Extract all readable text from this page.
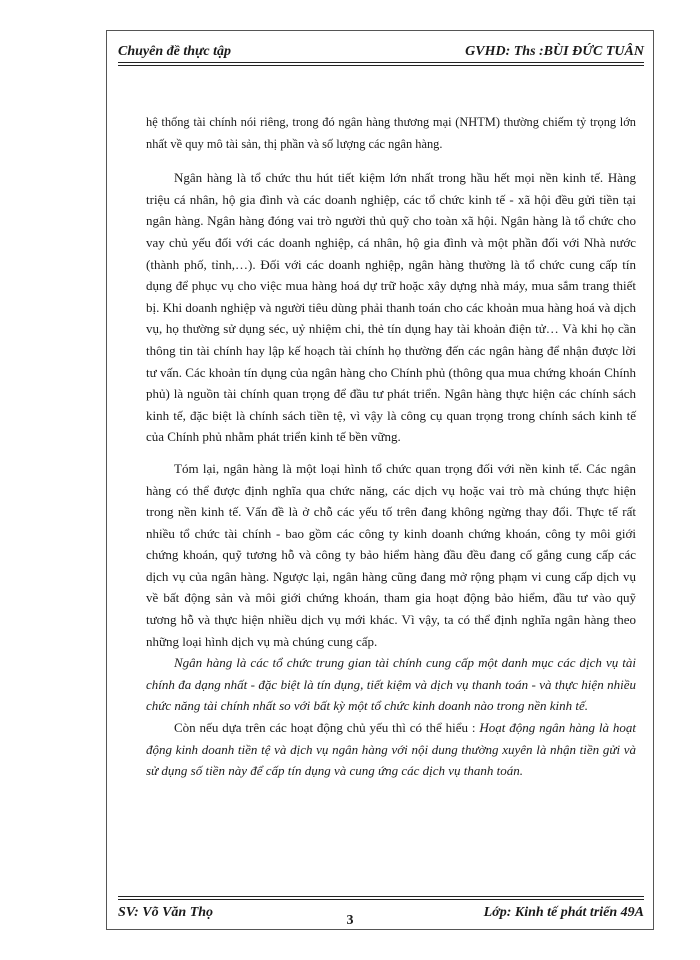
Chuyên đề thực tập	GVHD: Ths :BÙI ĐỨC TUÂN

hệ thống tài chính nói riêng, trong đó ngân hàng thương mại (NHTM) thường chiếm tỷ trọng lớn nhất về quy mô tài sản, thị phần và số lượng các ngân hàng.

Ngân hàng là tổ chức thu hút tiết kiệm lớn nhất trong hầu hết mọi nền kinh tế. Hàng triệu cá nhân, hộ gia đình và các doanh nghiệp, các tổ chức kinh tế - xã hội đều gửi tiền tại ngân hàng. Ngân hàng đóng vai trò người thủ quỹ cho toàn xã hội. Ngân hàng là tổ chức cho vay chủ yếu đối với các doanh nghiệp, cá nhân, hộ gia đình và một phần đối với Nhà nước (thành phố, tỉnh,…). Đối với các doanh nghiệp, ngân hàng thường là tổ chức cung cấp tín dụng để phục vụ cho việc mua hàng hoá dự trữ hoặc xây dựng nhà máy, mua sắm trang thiết bị. Khi doanh nghiệp và người tiêu dùng phải thanh toán cho các khoản mua hàng hoá và dịch vụ, họ thường sử dụng séc, uỷ nhiệm chi, thẻ tín dụng hay tài khoản điện tử… Và khi họ cần thông tin tài chính hay lập kế hoạch tài chính họ thường đến các ngân hàng để nhận được lời tư vấn. Các khoản tín dụng của ngân hàng cho Chính phủ (thông qua mua chứng khoán Chính phủ) là nguồn tài chính quan trọng để đầu tư phát triển. Ngân hàng thực hiện các chính sách kinh tế, đặc biệt là chính sách tiền tệ, vì vậy là công cụ quan trọng trong chính sách kinh tế của Chính phủ nhằm phát triển kinh tế bền vững.

Tóm lại, ngân hàng là một loại hình tổ chức quan trọng đối với nền kinh tế. Các ngân hàng có thể được định nghĩa qua chức năng, các dịch vụ hoặc vai trò mà chúng thực hiện trong nền kinh tế. Vấn đề là ở chỗ các yếu tố trên đang không ngừng thay đổi. Thực tế rất nhiều tổ chức tài chính - bao gồm các công ty kinh doanh chứng khoán, công ty môi giới chứng khoán, quỹ tương hỗ và công ty bảo hiểm hàng đầu đều đang cố gắng cung cấp các dịch vụ của ngân hàng. Ngược lại, ngân hàng cũng đang mở rộng phạm vi cung cấp dịch vụ về bất động sản và môi giới chứng khoán, tham gia hoạt động bảo hiểm, đầu tư vào quỹ tương hỗ và thực hiện nhiều dịch vụ mới khác. Vì vậy, ta có thể định nghĩa ngân hàng theo những loại hình dịch vụ mà chúng cung cấp.

Ngân hàng là các tổ chức trung gian tài chính cung cấp một danh mục các dịch vụ tài chính đa dạng nhất - đặc biệt là tín dụng, tiết kiệm và dịch vụ thanh toán - và thực hiện nhiều chức năng tài chính nhất so với bất kỳ một tổ chức kinh doanh nào trong nền kinh tế.

Còn nếu dựa trên các hoạt động chủ yếu thì có thể hiểu : Hoạt động ngân hàng là hoạt động kinh doanh tiền tệ và dịch vụ ngân hàng với nội dung thường xuyên là nhận tiền gửi và sử dụng số tiền này để cấp tín dụng và cung ứng các dịch vụ thanh toán.

SV: Võ Văn Thọ	Lớp: Kinh tế phát triển 49A
3
